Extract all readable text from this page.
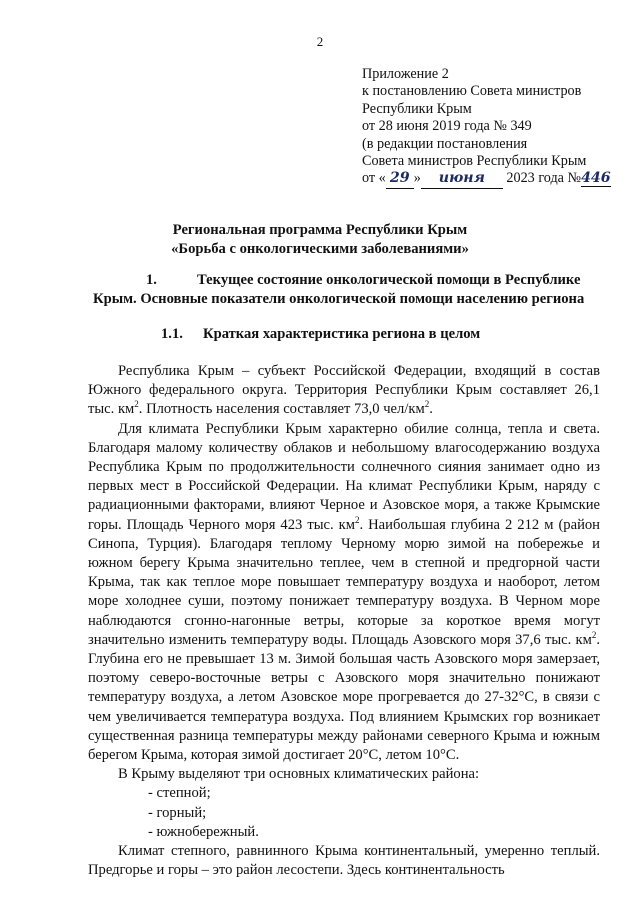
2
Приложение 2
к постановлению Совета министров
Республики Крым
от 28 июня 2019 года № 349
(в редакции постановления
Совета министров Республики Крым
от « 29 » июня 2023 года №446
Региональная программа Республики Крым
«Борьба с онкологическими заболеваниями»
1.	Текущее состояние онкологической помощи в Республике
Крым. Основные показатели онкологической помощи населению региона
1.1. Краткая характеристика региона в целом

Республика Крым – субъект Российской Федерации, входящий в состав Южного федерального округа. Территория Республики Крым составляет 26,1 тыс. $км^2$. Плотность населения составляет 73,0 чел/$км^2$.

Для климата Республики Крым характерно обилие солнца, тепла и света. Благодаря малому количеству облаков и небольшому влагосодержанию воздуха Республика Крым по продолжительности солнечного сияния занимает одно из первых мест в Российской Федерации. На климат Республики Крым, наряду с радиационными факторами, влияют Черное и Азовское моря, а также Крымские горы. Площадь Черного моря 423 тыс. $км^2$. Наибольшая глубина 2 212 м (район Синопа, Турция). Благодаря теплому Черному морю зимой на побережье и южном берегу Крыма значительно теплее, чем в степной и предгорной части Крыма, так как теплое море повышает температуру воздуха и наоборот, летом море холоднее суши, поэтому понижает температуру воздуха. В Черном море наблюдаются сгонно-нагонные ветры, которые за короткое время могут значительно изменить температуру воды. Площадь Азовского моря 37,6 тыс. $км^2$. Глубина его не превышает 13 м. Зимой большая часть Азовского моря замерзает, поэтому северо-восточные ветры с Азовского моря значительно понижают температуру воздуха, а летом Азовское море прогревается до 27-32°С, в связи с чем увеличивается температура воздуха. Под влиянием Крымских гор возникает существенная разница температуры между районами северного Крыма и южным берегом Крыма, которая зимой достигает 20°С, летом 10°С.

В Крыму выделяют три основных климатических района:

- степной;

- горный;

- южнобережный.

Климат степного, равнинного Крыма континентальный, умеренно теплый. Предгорье и горы – это район лесостепи. Здесь континентальность
